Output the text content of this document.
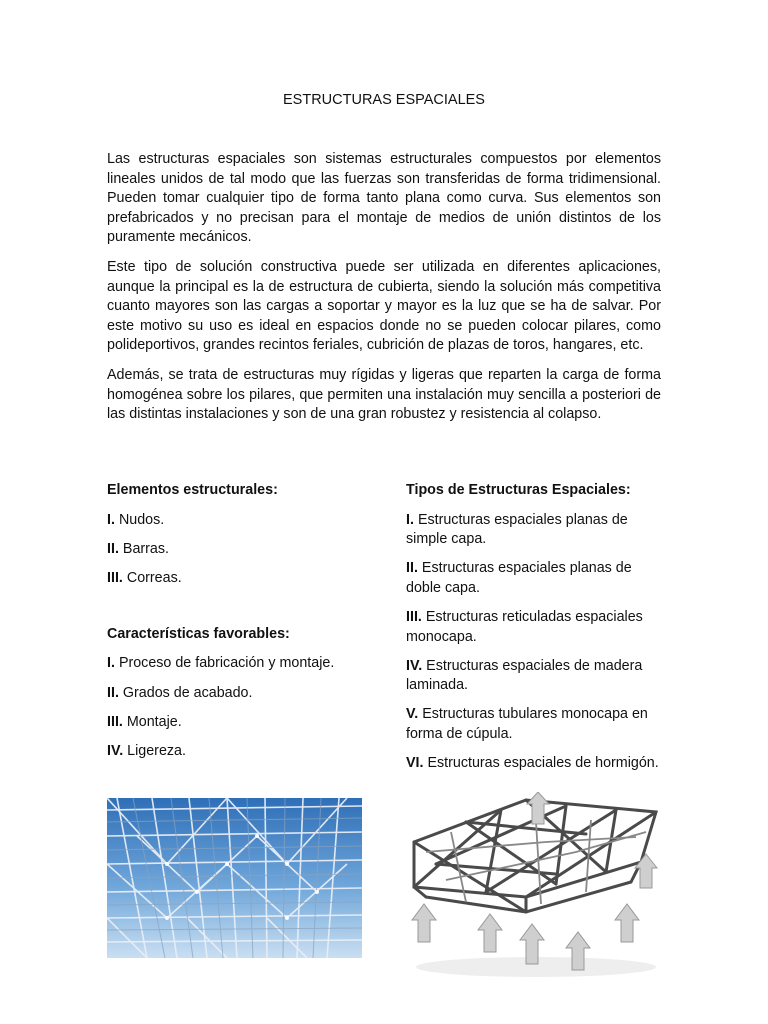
ESTRUCTURAS ESPACIALES

Las estructuras espaciales son sistemas estructurales compuestos por elementos lineales unidos de tal modo que las fuerzas son transferidas de forma tridimensional. Pueden tomar cualquier tipo de forma tanto plana como curva. Sus elementos son prefabricados y no precisan para el montaje de medios de unión distintos de los puramente mecánicos.

Este tipo de solución constructiva puede ser utilizada en diferentes aplicaciones, aunque la principal es la de estructura de cubierta, siendo la solución más competitiva cuanto mayores son las cargas a soportar y mayor es la luz que se ha de salvar. Por este motivo su uso es ideal en espacios donde no se pueden colocar pilares, como polideportivos, grandes recintos feriales, cubrición de plazas de toros, hangares, etc.

Además, se trata de estructuras muy rígidas y ligeras que reparten la carga de forma homogénea sobre los pilares, que permiten una instalación muy sencilla a posteriori de las distintas instalaciones y son de una gran robustez y resistencia al colapso.

Elementos estructurales:
I. Nudos.
II. Barras.
III. Correas.
Características favorables:
I. Proceso de fabricación y montaje.
II. Grados de acabado.
III. Montaje.
IV. Ligereza.
Tipos de Estructuras Espaciales:
I. Estructuras espaciales planas de simple capa.
II. Estructuras espaciales planas de doble capa.
III. Estructuras reticuladas espaciales monocapa.
IV. Estructuras espaciales de madera laminada.
V. Estructuras tubulares monocapa en forma de cúpula.
VI. Estructuras espaciales de hormigón.
